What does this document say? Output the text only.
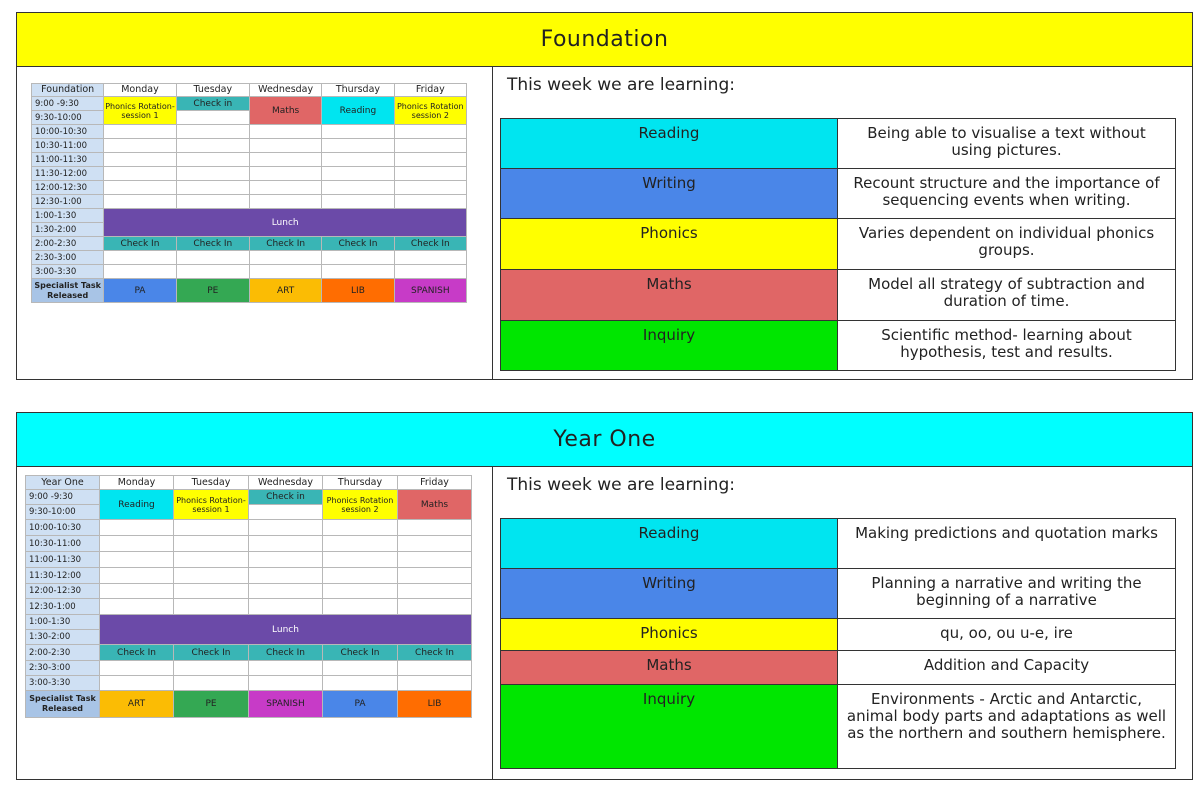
Foundation
Foundation	Monday	Tuesday	Wednesday	Thursday	Friday
9:00 -9:30	Phonics Rotation- session 1	Check in	Maths	Reading	Phonics Rotation session 2
9:30-10:00					
10:00-10:30					
10:30-11:00					
11:00-11:30					
11:30-12:00					
12:00-12:30					
12:30-1:00					
1:00-1:30	Lunch				
1:30-2:00					
2:00-2:30	Check In	Check In	Check In	Check In	Check In
2:30-3:00					
3:00-3:30					
Specialist Task Released	PA	PE	ART	LIB	SPANISH
This week we are learning:
Reading	Being able to visualise a text without using pictures.
Writing	Recount structure and the importance of sequencing events when writing.
Phonics	Varies dependent on individual phonics groups.
Maths	Model all strategy of subtraction and duration of time.
Inquiry	Scientific method- learning about hypothesis, test and results.
Year One
Year One	Monday	Tuesday	Wednesday	Thursday	Friday
9:00 -9:30	Reading	Phonics Rotation- session 1	Check in	Phonics Rotation session 2	Maths
9:30-10:00					
10:00-10:30					
10:30-11:00					
11:00-11:30					
11:30-12:00					
12:00-12:30					
12:30-1:00					
1:00-1:30	Lunch				
1:30-2:00					
2:00-2:30	Check In	Check In	Check In	Check In	Check In
2:30-3:00					
3:00-3:30					
Specialist Task Released	ART	PE	SPANISH	PA	LIB
This week we are learning:
Reading	Making predictions and quotation marks
Writing	Planning a narrative and writing the beginning of a narrative
Phonics	qu, oo, ou u-e, ire
Maths	Addition and Capacity
Inquiry	Environments - Arctic and Antarctic, animal body parts and adaptations as well as the northern and southern hemisphere.
